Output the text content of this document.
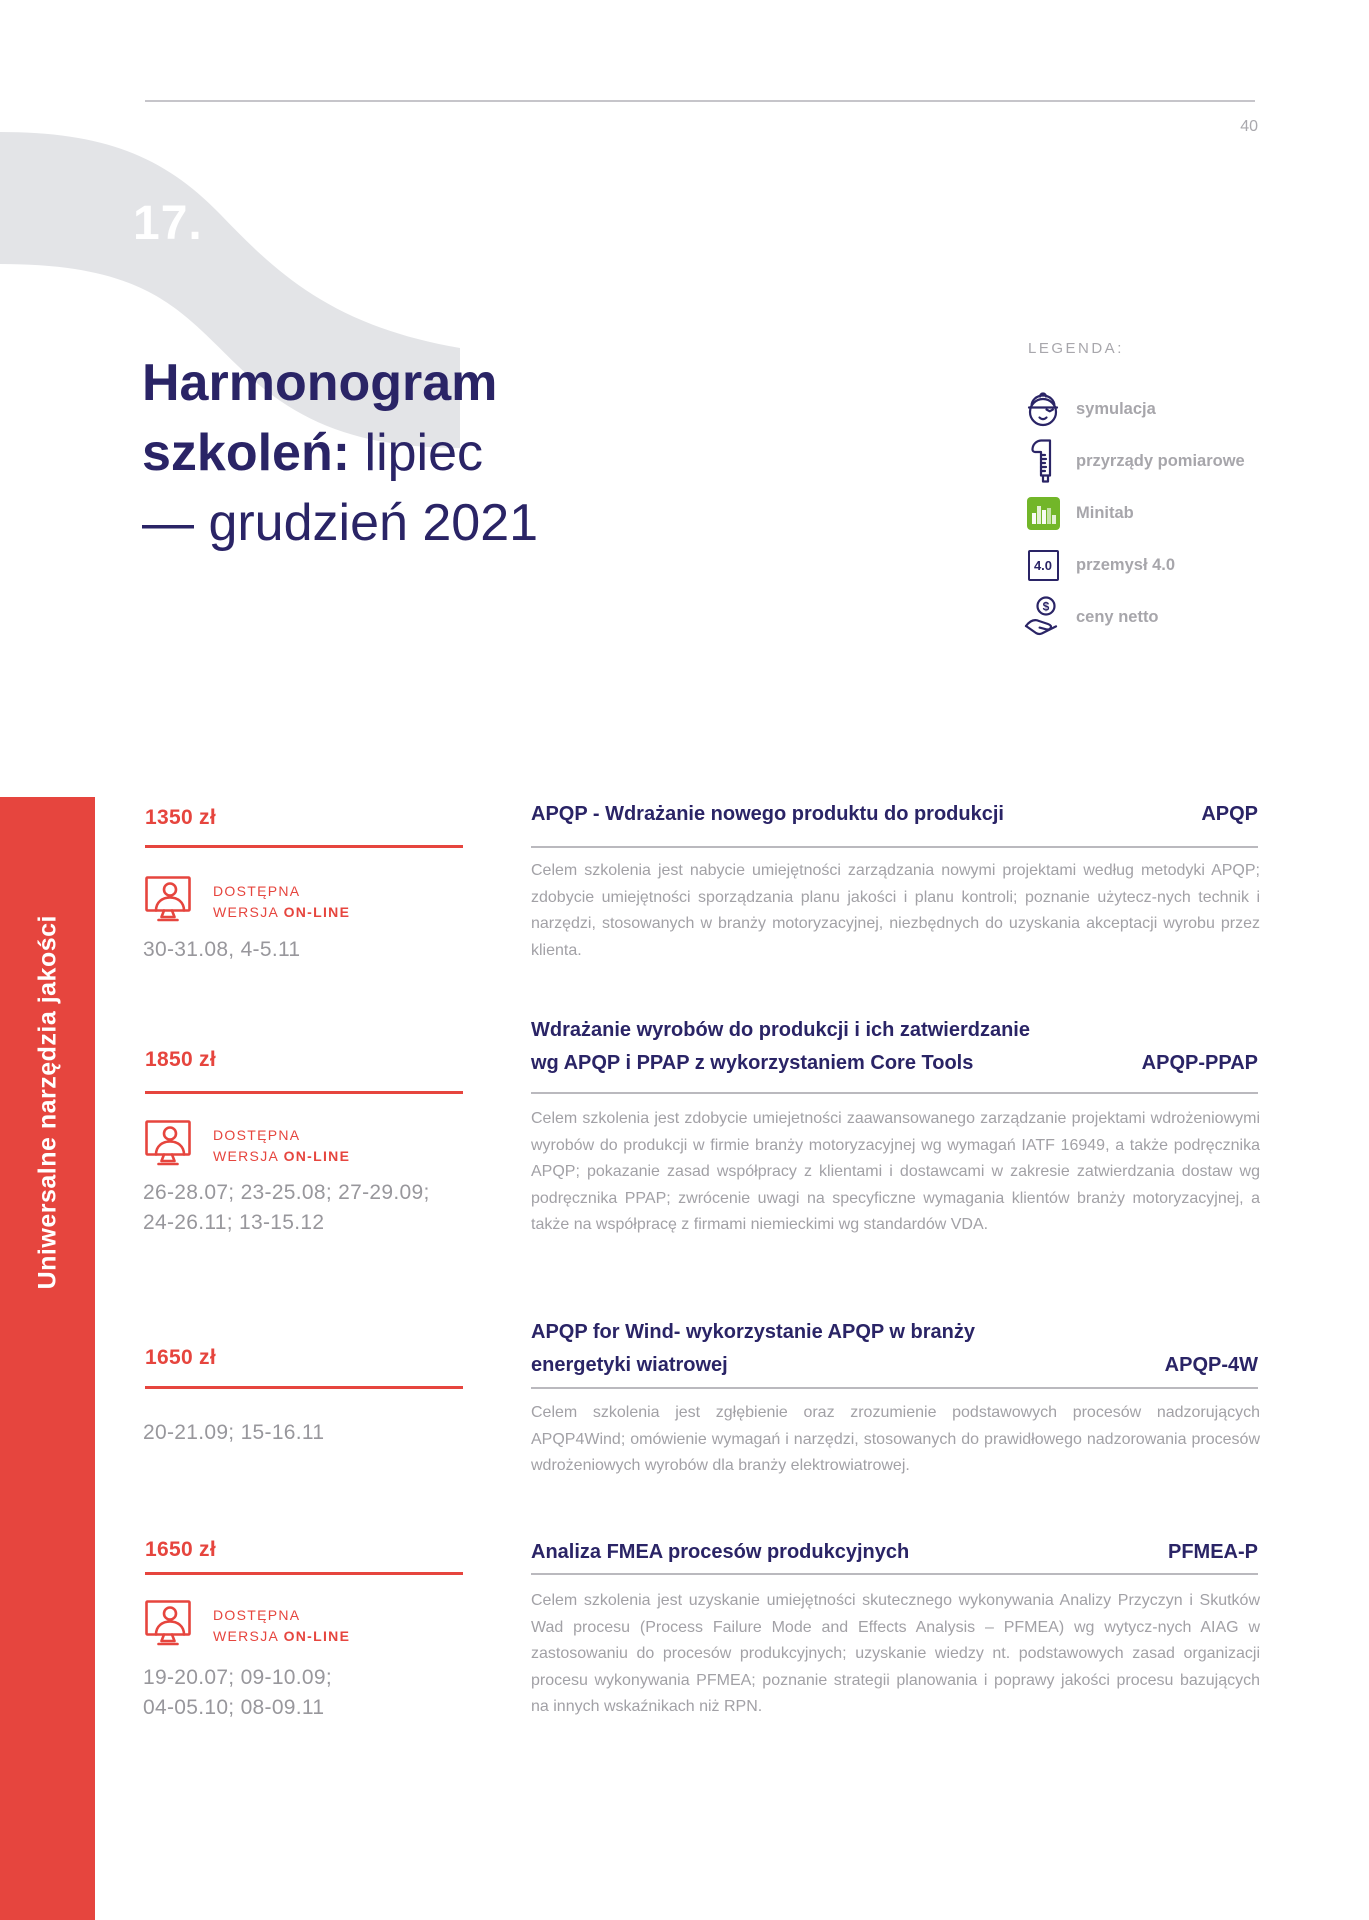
40
17.
Harmonogram
szkoleń: lipiec
— grudzień 2021
LEGENDA:
symulacja
przyrządy pomiarowe
Minitab
4.0	przemysł 4.0
$
ceny netto
Uniwersalne narzędzia jakości
1350 zł	APQP - Wdrażanie nowego produktu do produkcji	APQP
Celem szkolenia jest nabycie umiejętności zarządzania nowymi projektami według metodyki APQP; zdobycie umiejętności sporządzania planu jakości i planu kontroli; poznanie użytecz-nych technik i narzędzi, stosowanych w branży motoryzacyjnej, niezbędnych do uzyskania akceptacji wyrobu przez klienta.
DOSTĘPNA
WERSJA ON-LINE
30-31.08, 4-5.11
1850 zł
Wdrażanie wyrobów do produkcji i ich zatwierdzanie
wg APQP i PPAP z wykorzystaniem Core Tools	APQP-PPAP
Celem szkolenia jest zdobycie umiejetności zaawansowanego zarządzanie projektami wdrożeniowymi wyrobów do produkcji w firmie branży motoryzacyjnej wg wymagań IATF 16949, a także podręcznika APQP; pokazanie zasad współpracy z klientami i dostawcami w zakresie zatwierdzania dostaw wg podręcznika PPAP; zwrócenie uwagi na specyficzne wymagania klientów branży motoryzacyjnej, a także na współpracę z firmami niemieckimi wg standardów VDA.
DOSTĘPNA
WERSJA ON-LINE
26-28.07; 23-25.08; 27-29.09;
24-26.11; 13-15.12
1650 zł
APQP for Wind- wykorzystanie APQP w branży
energetyki wiatrowej	APQP-4W
Celem szkolenia jest zgłębienie oraz zrozumienie podstawowych procesów nadzorujących APQP4Wind; omówienie wymagań i narzędzi, stosowanych do prawidłowego nadzorowania procesów wdrożeniowych wyrobów dla branży elektrowiatrowej.
20-21.09; 15-16.11
1650 zł	Analiza FMEA procesów produkcyjnych	PFMEA-P
Celem szkolenia jest uzyskanie umiejętności skutecznego wykonywania Analizy Przyczyn i Skutków Wad procesu (Process Failure Mode and Effects Analysis – PFMEA) wg wytycz-nych AIAG w zastosowaniu do procesów produkcyjnych; uzyskanie wiedzy nt. podstawowych zasad organizacji procesu wykonywania PFMEA; poznanie strategii planowania i poprawy jakości procesu bazujących na innych wskaźnikach niż RPN.
DOSTĘPNA
WERSJA ON-LINE
19-20.07; 09-10.09;
04-05.10; 08-09.11
